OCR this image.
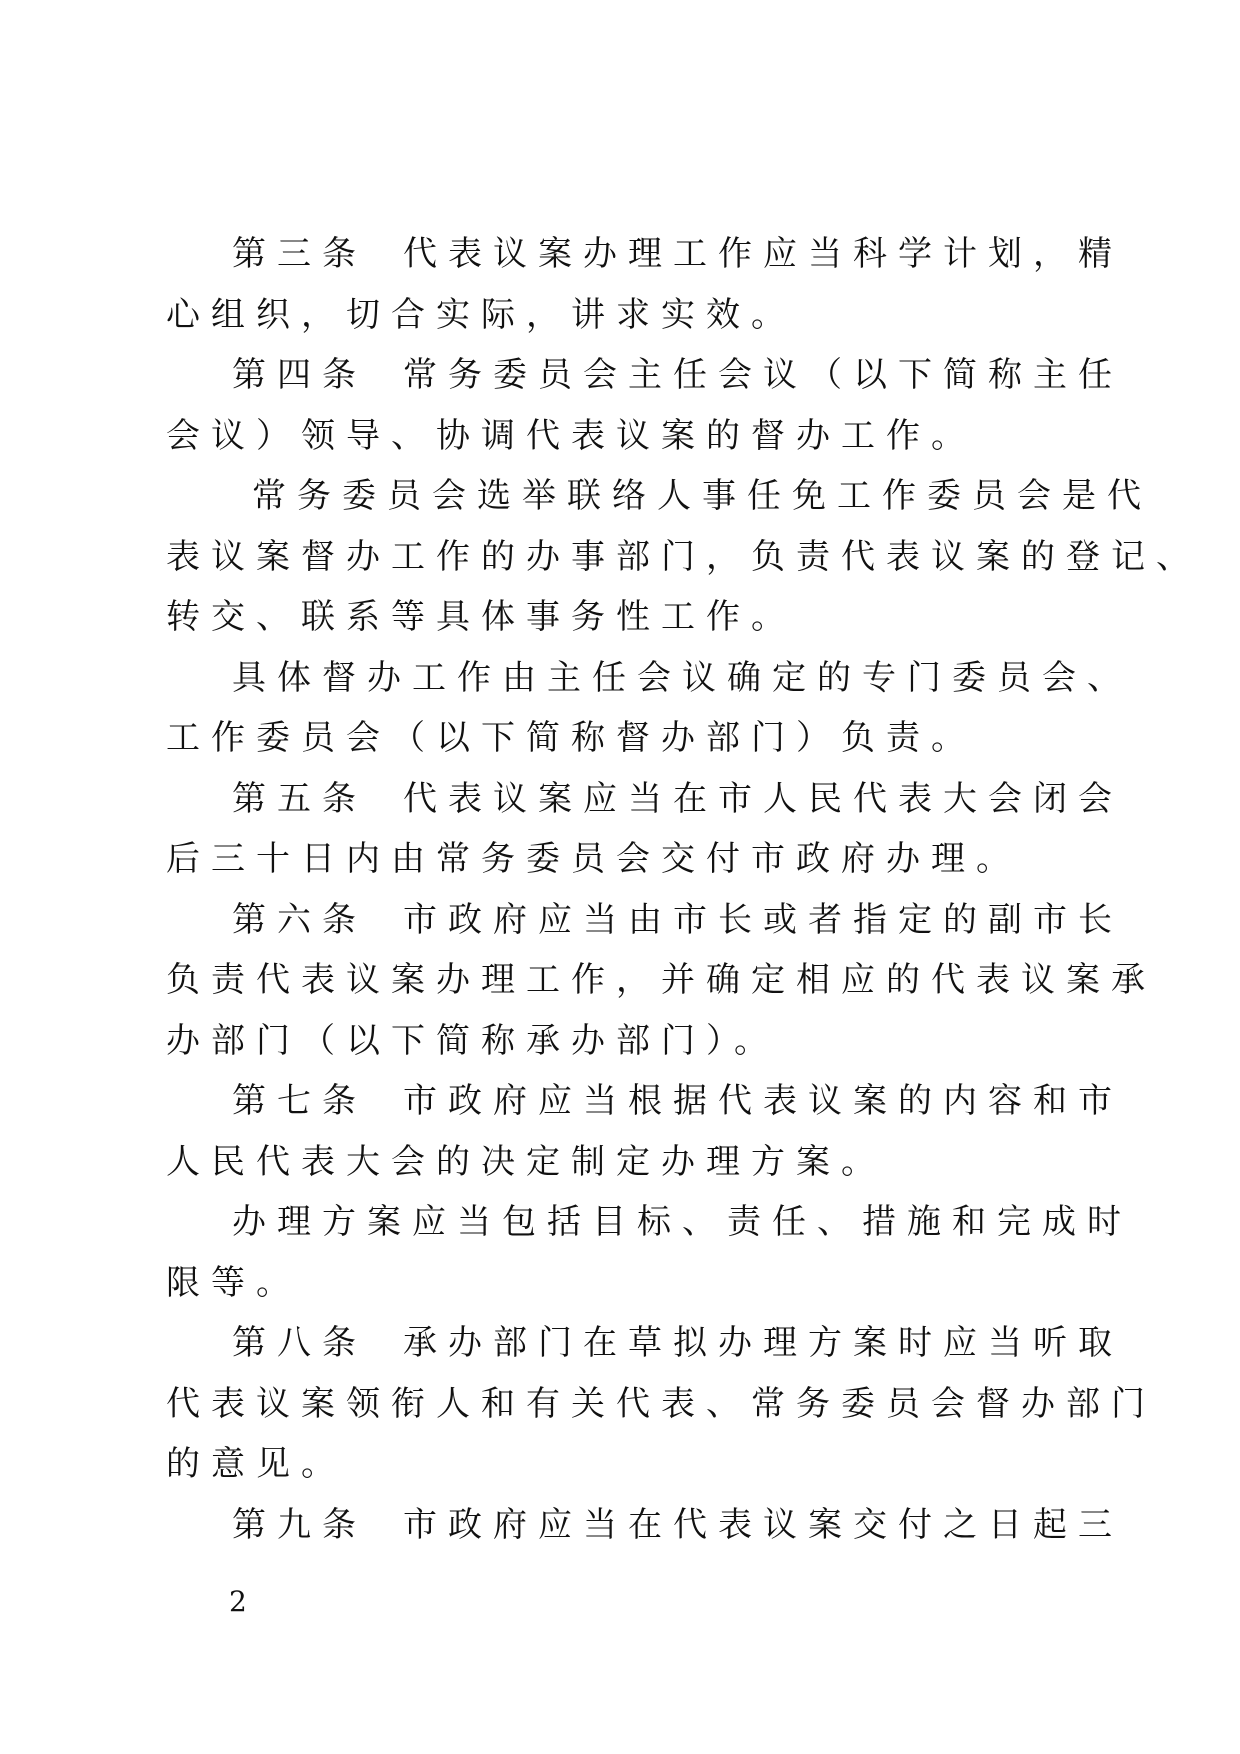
第三条 代表议案办理工作应当科学计划，精
心组织，切合实际，讲求实效。
第四条 常务委员会主任会议（以下简称主任
会议）领导、协调代表议案的督办工作。
常务委员会选举联络人事任免工作委员会是代
表议案督办工作的办事部门，负责代表议案的登记、
转交、联系等具体事务性工作。
具体督办工作由主任会议确定的专门委员会、
工作委员会（以下简称督办部门）负责。
第五条 代表议案应当在市人民代表大会闭会
后三十日内由常务委员会交付市政府办理。
第六条 市政府应当由市长或者指定的副市长
负责代表议案办理工作，并确定相应的代表议案承
办部门（以下简称承办部门）。
第七条 市政府应当根据代表议案的内容和市
人民代表大会的决定制定办理方案。
办理方案应当包括目标、责任、措施和完成时
限等。
第八条 承办部门在草拟办理方案时应当听取
代表议案领衔人和有关代表、常务委员会督办部门
的意见。
第九条 市政府应当在代表议案交付之日起三
2
